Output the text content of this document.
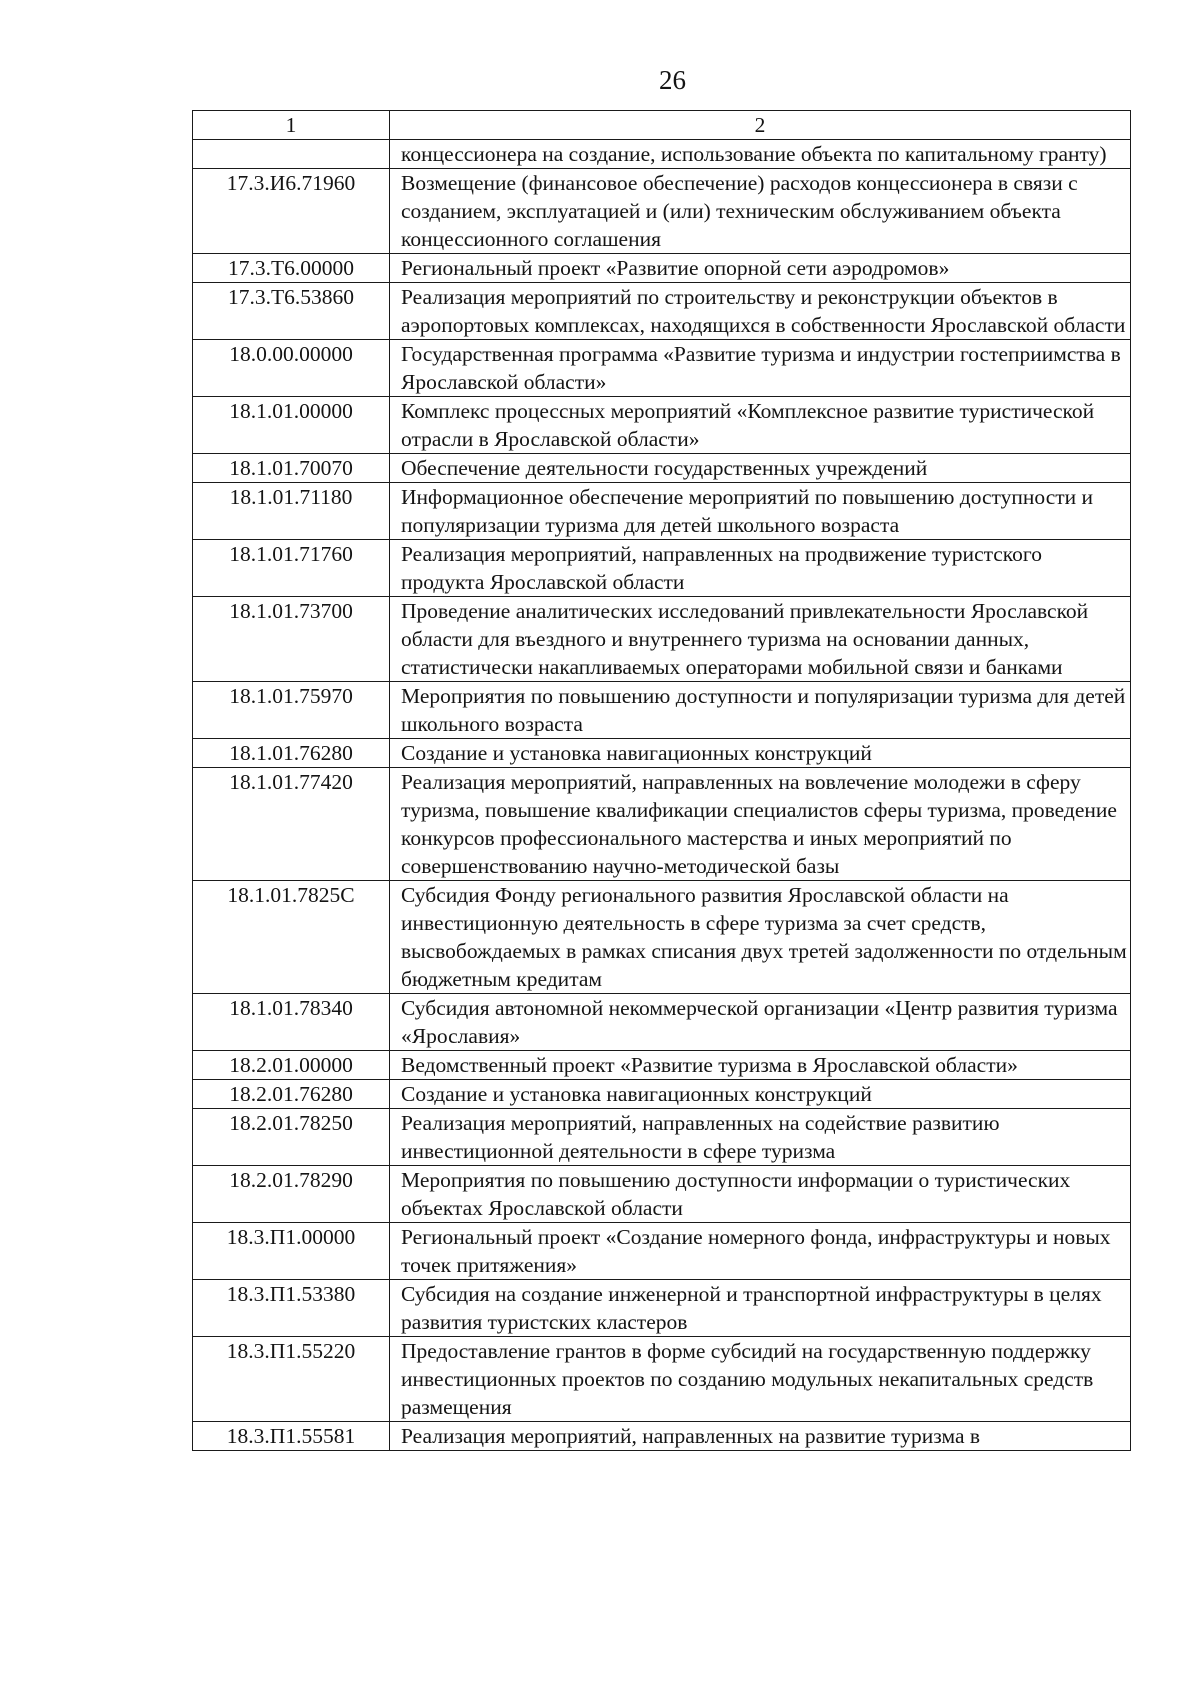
26
1	2
	концессионера на создание, использование объекта по капитальному гранту)
17.3.И6.71960	Возмещение (финансовое обеспечение) расходов концессионера в связи с созданием, эксплуатацией и (или) техническим обслуживанием объекта концессионного соглашения
17.3.Т6.00000	Региональный проект «Развитие опорной сети аэродромов»
17.3.Т6.53860	Реализация мероприятий по строительству и реконструкции объектов в аэропортовых комплексах, находящихся в собственности Ярославской области
18.0.00.00000	Государственная программа «Развитие туризма и индустрии гостеприимства в Ярославской области»
18.1.01.00000	Комплекс процессных мероприятий «Комплексное развитие туристической отрасли в Ярославской области»
18.1.01.70070	Обеспечение деятельности государственных учреждений
18.1.01.71180	Информационное обеспечение мероприятий по повышению доступности и популяризации туризма для детей школьного возраста
18.1.01.71760	Реализация мероприятий, направленных на продвижение туристского продукта Ярославской области
18.1.01.73700	Проведение аналитических исследований привлекательности Ярославской области для въездного и внутреннего туризма на основании данных, статистически накапливаемых операторами мобильной связи и банками
18.1.01.75970	Мероприятия по повышению доступности и популяризации туризма для детей школьного возраста
18.1.01.76280	Создание и установка навигационных конструкций
18.1.01.77420	Реализация мероприятий, направленных на вовлечение молодежи в сферу туризма, повышение квалификации специалистов сферы туризма, проведение конкурсов профессионального мастерства и иных мероприятий по совершенствованию научно-методической базы
18.1.01.7825С	Субсидия Фонду регионального развития Ярославской области на инвестиционную деятельность в сфере туризма за счет средств, высвобождаемых в рамках списания двух третей задолженности по отдельным бюджетным кредитам
18.1.01.78340	Субсидия автономной некоммерческой организации «Центр развития туризма «Ярославия»
18.2.01.00000	Ведомственный проект «Развитие туризма в Ярославской области»
18.2.01.76280	Создание и установка навигационных конструкций
18.2.01.78250	Реализация мероприятий, направленных на содействие развитию инвестиционной деятельности в сфере туризма
18.2.01.78290	Мероприятия по повышению доступности информации о туристических объектах Ярославской области
18.3.П1.00000	Региональный проект «Создание номерного фонда, инфраструктуры и новых точек притяжения»
18.3.П1.53380	Субсидия на создание инженерной и транспортной инфраструктуры в целях развития туристских кластеров
18.3.П1.55220	Предоставление грантов в форме субсидий на государственную поддержку инвестиционных проектов по созданию модульных некапитальных средств размещения
18.3.П1.55581	Реализация мероприятий, направленных на развитие туризма в
